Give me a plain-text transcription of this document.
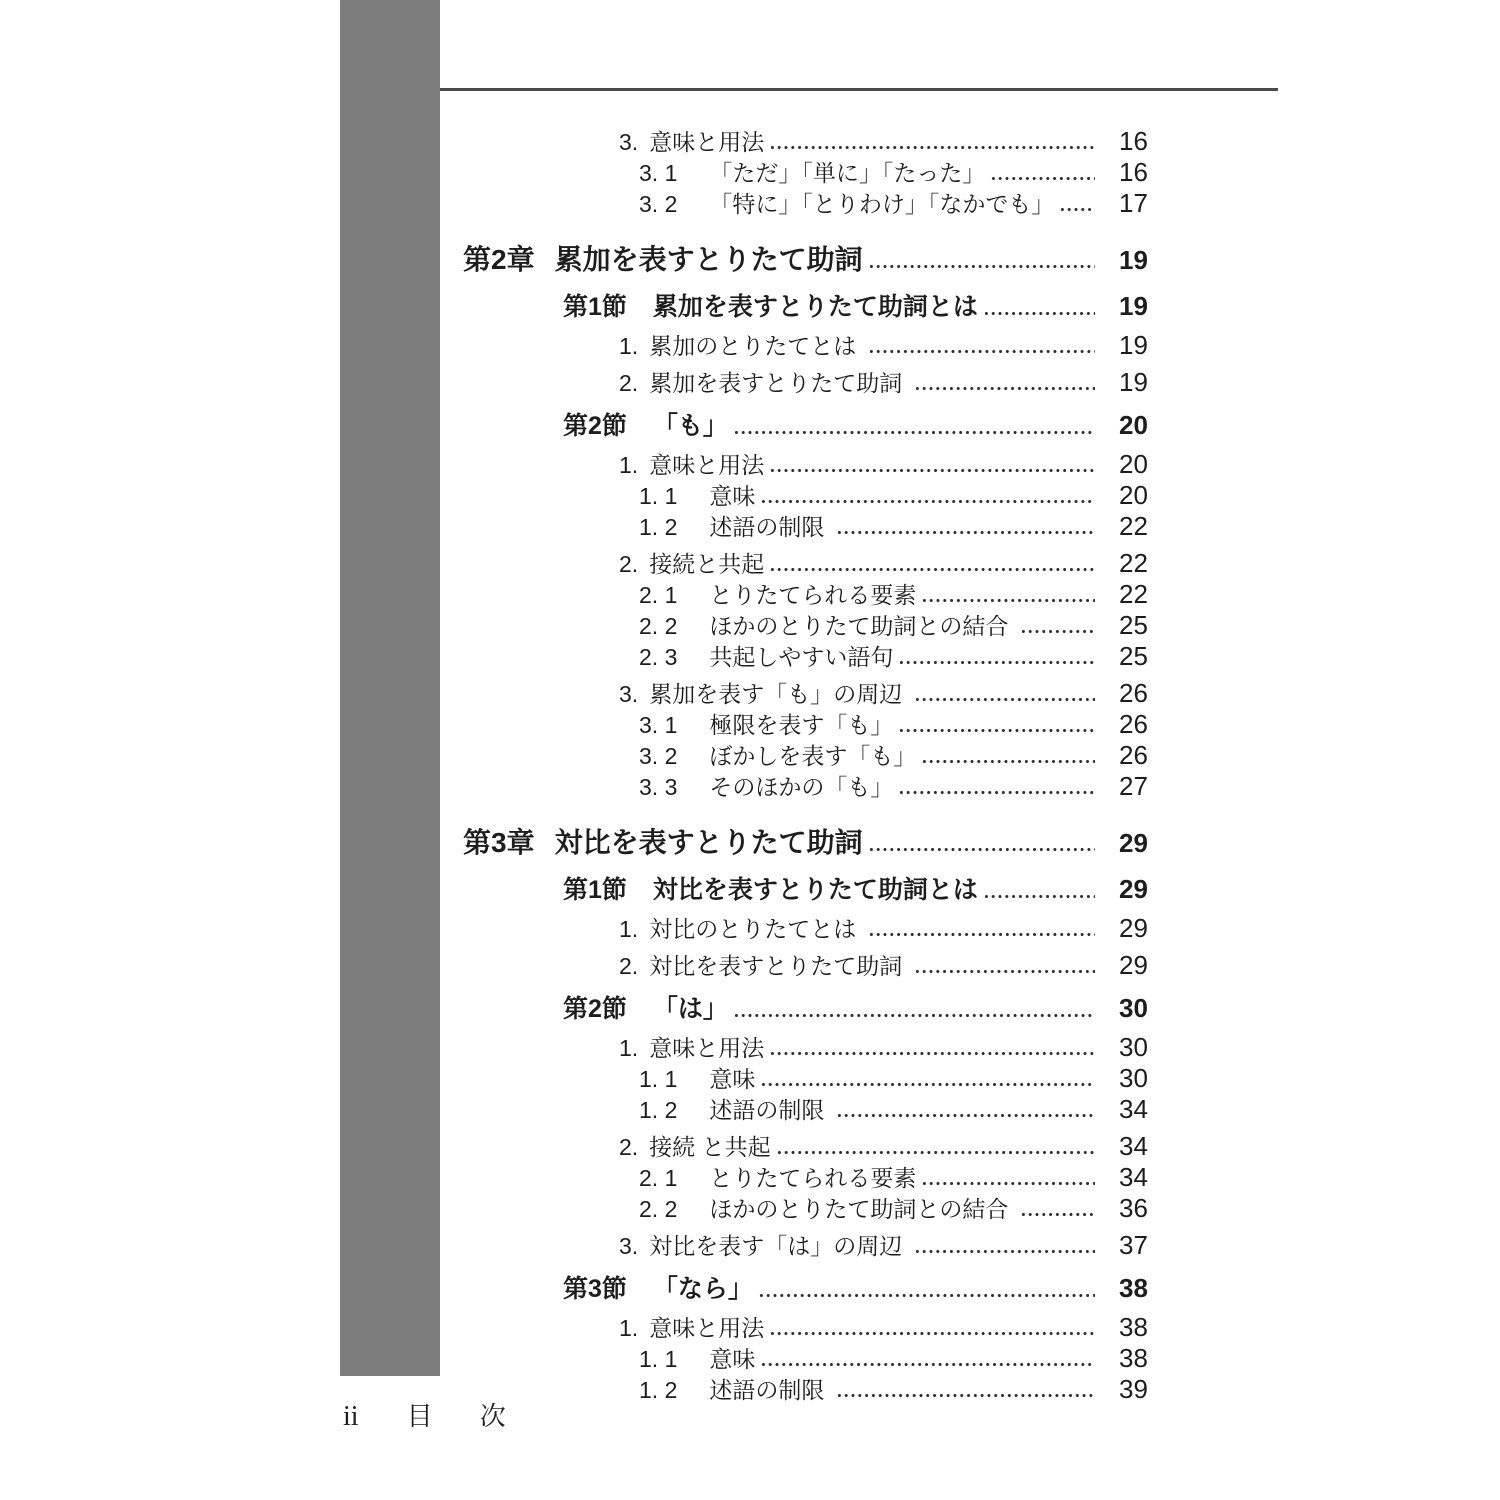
3. 意味と用法	16
3. 1 「ただ」「単に」「たった」	16
3. 2 「特に」「とりわけ」「なかでも」	17
第2章 累加を表すとりたて助詞	19
第1節 累加を表すとりたて助詞とは	19
1. 累加のとりたてとは	19
2. 累加を表すとりたて助詞	19
第2節 「も」	20
1. 意味と用法	20
1. 1 意味	20
1. 2 述語の制限	22
2. 接続と共起	22
2. 1 とりたてられる要素	22
2. 2 ほかのとりたて助詞との結合	25
2. 3 共起しやすい語句	25
3. 累加を表す「も」の周辺	26
3. 1 極限を表す「も」	26
3. 2 ぼかしを表す「も」	26
3. 3 そのほかの「も」	27
第3章 対比を表すとりたて助詞	29
第1節 対比を表すとりたて助詞とは	29
1. 対比のとりたてとは	29
2. 対比を表すとりたて助詞	29
第2節 「は」	30
1. 意味と用法	30
1. 1 意味	30
1. 2 述語の制限	34
2. 接続 と共起	34
2. 1 とりたてられる要素	34
2. 2 ほかのとりたて助詞との結合	36
3. 対比を表す「は」の周辺	37
第3節 「なら」	38
1. 意味と用法	38
1. 1 意味	38
1. 2 述語の制限	39
ii 目 次
